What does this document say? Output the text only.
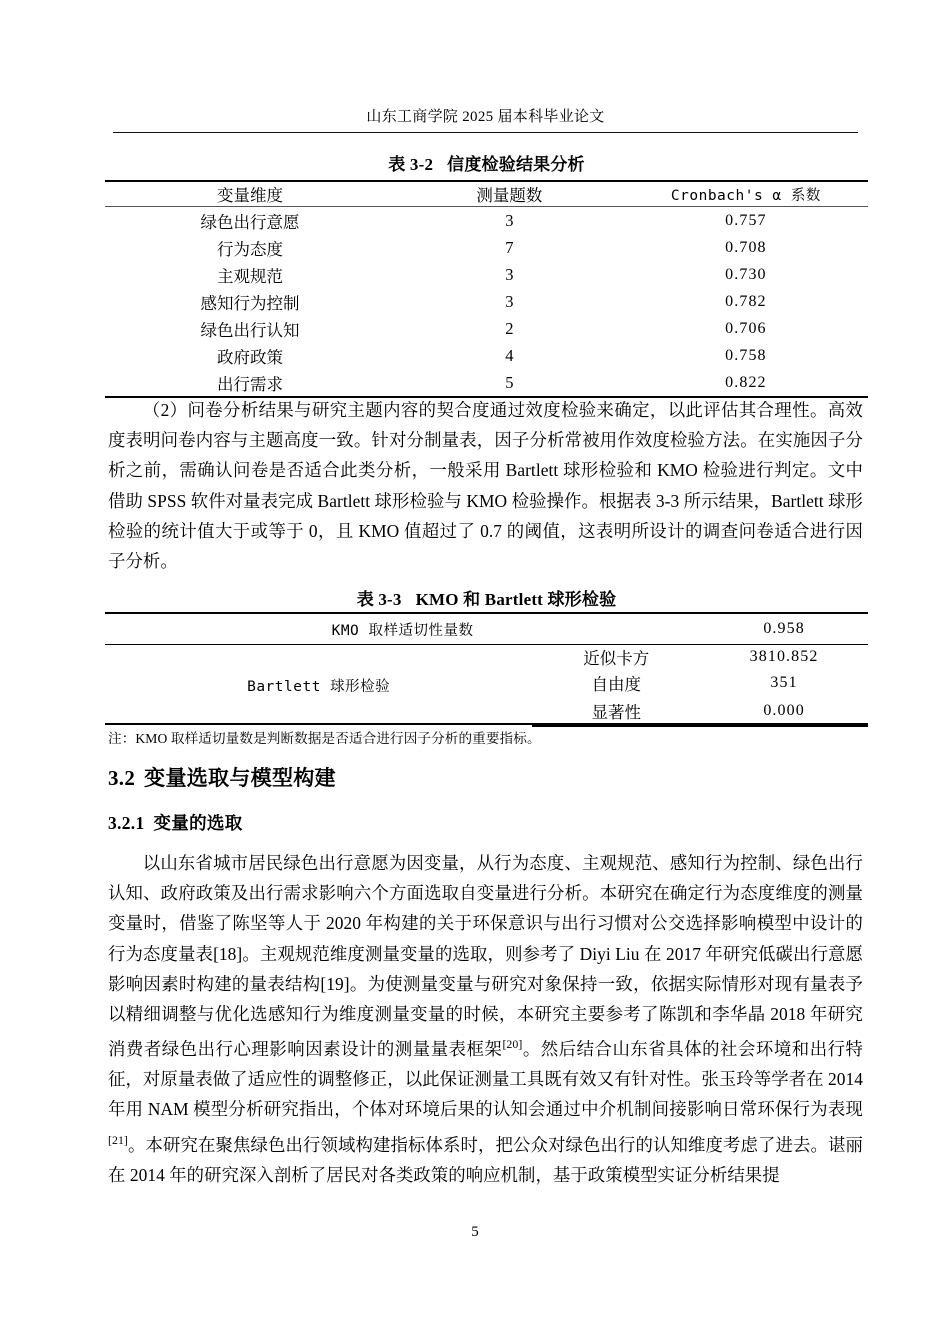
山东工商学院 2025 届本科毕业论文
表 3-2 信度检验结果分析
变量维度	测量题数	Cronbach's α 系数
绿色出行意愿	3	0.757
行为态度	7	0.708
主观规范	3	0.730
感知行为控制	3	0.782
绿色出行认知	2	0.706
政府政策	4	0.758
出行需求	5	0.822
（2）问卷分析结果与研究主题内容的契合度通过效度检验来确定，以此评估其合理性。高效度表明问卷内容与主题高度一致。针对分制量表，因子分析常被用作效度检验方法。在实施因子分析之前，需确认问卷是否适合此类分析，一般采用 Bartlett 球形检验和 KMO 检验进行判定。文中借助 SPSS 软件对量表完成 Bartlett 球形检验与 KMO 检验操作。根据表 3-3 所示结果，Bartlett 球形检验的统计值大于或等于 0，且 KMO 值超过了 0.7 的阈值，这表明所设计的调查问卷适合进行因子分析。
表 3-3 KMO 和 Bartlett 球形检验
KMO 取样适切性量数		0.958
Bartlett 球形检验	近似卡方	3810.852
	自由度	351
	显著性	0.000
注：KMO 取样适切量数是判断数据是否适合进行因子分析的重要指标。
3.2 变量选取与模型构建
3.2.1 变量的选取
以山东省城市居民绿色出行意愿为因变量，从行为态度、主观规范、感知行为控制、绿色出行认知、政府政策及出行需求影响六个方面选取自变量进行分析。本研究在确定行为态度维度的测量变量时，借鉴了陈坚等人于 2020 年构建的关于环保意识与出行习惯对公交选择影响模型中设计的行为态度量表[18]。主观规范维度测量变量的选取，则参考了 Diyi Liu 在 2017 年研究低碳出行意愿影响因素时构建的量表结构[19]。为使测量变量与研究对象保持一致，依据实际情形对现有量表予以精细调整与优化选感知行为维度测量变量的时候，本研究主要参考了陈凯和李华晶 2018 年研究消费者绿色出行心理影响因素设计的测量量表框架[20]。然后结合山东省具体的社会环境和出行特征，对原量表做了适应性的调整修正，以此保证测量工具既有效又有针对性。张玉玲等学者在 2014 年用 NAM 模型分析研究指出，个体对环境后果的认知会通过中介机制间接影响日常环保行为表现[21]。本研究在聚焦绿色出行领域构建指标体系时，把公众对绿色出行的认知维度考虑了进去。谌丽在 2014 年的研究深入剖析了居民对各类政策的响应机制，基于政策模型实证分析结果提
5
